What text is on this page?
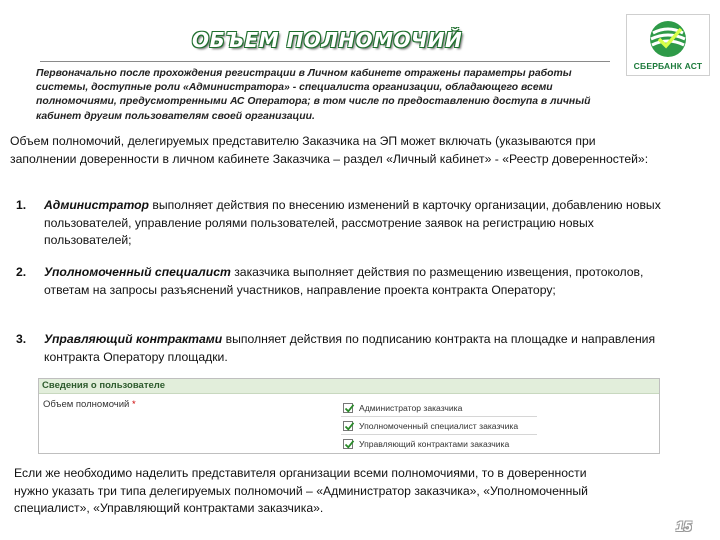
ОБЪЕМ ПОЛНОМОЧИЙ
СБЕРБАНК АСТ
Первоначально после прохождения регистрации в Личном кабинете отражены параметры работы системы, доступные роли «Администратора» - специалиста организации, обладающего всеми полномочиями, предусмотренными АС Оператора; в том числе по предоставлению доступа в личный кабинет другим пользователям своей организации.
Объем полномочий, делегируемых представителю Заказчика на ЭП может включать (указываются при заполнении доверенности в личном кабинете Заказчика – раздел «Личный кабинет» - «Реестр доверенностей»:
1. Администратор выполняет действия по внесению изменений в карточку организации, добавлению новых пользователей, управление ролями пользователей, рассмотрение заявок на регистрацию новых пользователей;
2. Уполномоченный специалист заказчика выполняет действия по размещению извещения, протоколов, ответам на запросы разъяснений участников, направление проекта контракта Оператору;
3. Управляющий контрактами выполняет действия по подписанию контракта на площадке и направления контракта Оператору площадки.
Сведения о пользователе
Объем полномочий *	Администратор заказчика
Уполномоченный специалист заказчика
Управляющий контрактами заказчика
Если же необходимо наделить представителя организации всеми полномочиями, то в доверенности нужно указать три типа делегируемых полномочий – «Администратор заказчика», «Уполномоченный специалист», «Управляющий контрактами заказчика».
15
